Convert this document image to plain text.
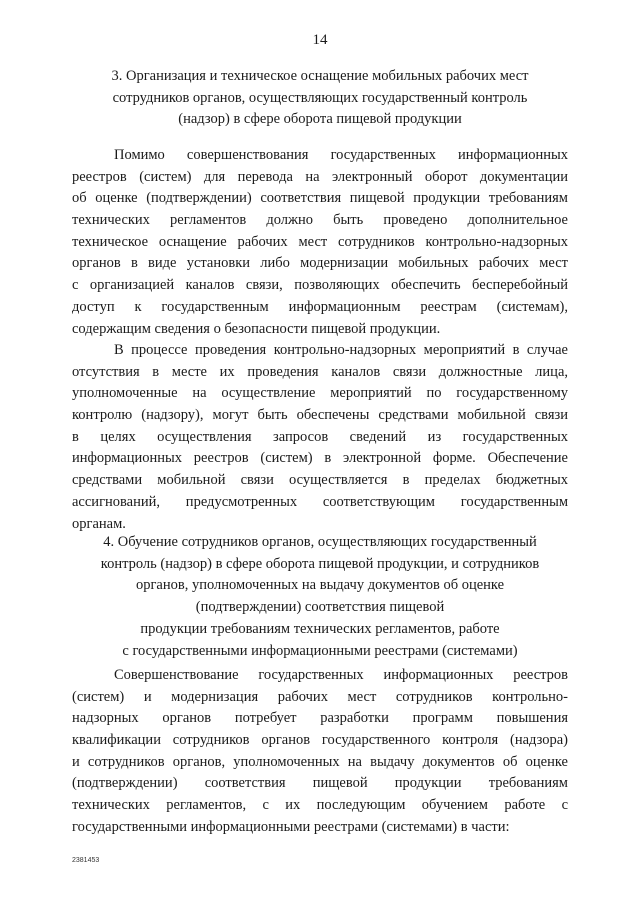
14
3. Организация и техническое оснащение мобильных рабочих мест
сотрудников органов, осуществляющих государственный контроль
(надзор) в сфере оборота пищевой продукции
Помимо совершенствования государственных информационных
реестров (систем) для перевода на электронный оборот документации
об оценке (подтверждении) соответствия пищевой продукции требованиям
технических регламентов должно быть проведено дополнительное
техническое оснащение рабочих мест сотрудников контрольно-надзорных
органов в виде установки либо модернизации мобильных рабочих мест
с организацией каналов связи, позволяющих обеспечить бесперебойный
доступ к государственным информационным реестрам (системам),
содержащим сведения о безопасности пищевой продукции.
В процессе проведения контрольно-надзорных мероприятий в случае
отсутствия в месте их проведения каналов связи должностные лица,
уполномоченные на осуществление мероприятий по государственному
контролю (надзору), могут быть обеспечены средствами мобильной связи
в целях осуществления запросов сведений из государственных
информационных реестров (систем) в электронной форме. Обеспечение
средствами мобильной связи осуществляется в пределах бюджетных
ассигнований, предусмотренных соответствующим государственным
органам.
4. Обучение сотрудников органов, осуществляющих государственный
контроль (надзор) в сфере оборота пищевой продукции, и сотрудников
органов, уполномоченных на выдачу документов об оценке
(подтверждении) соответствия пищевой
продукции требованиям технических регламентов, работе
с государственными информационными реестрами (системами)
Совершенствование государственных информационных реестров
(систем) и модернизация рабочих мест сотрудников контрольно-
надзорных органов потребует разработки программ повышения
квалификации сотрудников органов государственного контроля (надзора)
и сотрудников органов, уполномоченных на выдачу документов об оценке
(подтверждении) соответствия пищевой продукции требованиям
технических регламентов, с их последующим обучением работе с
государственными информационными реестрами (системами) в части:
2381453
